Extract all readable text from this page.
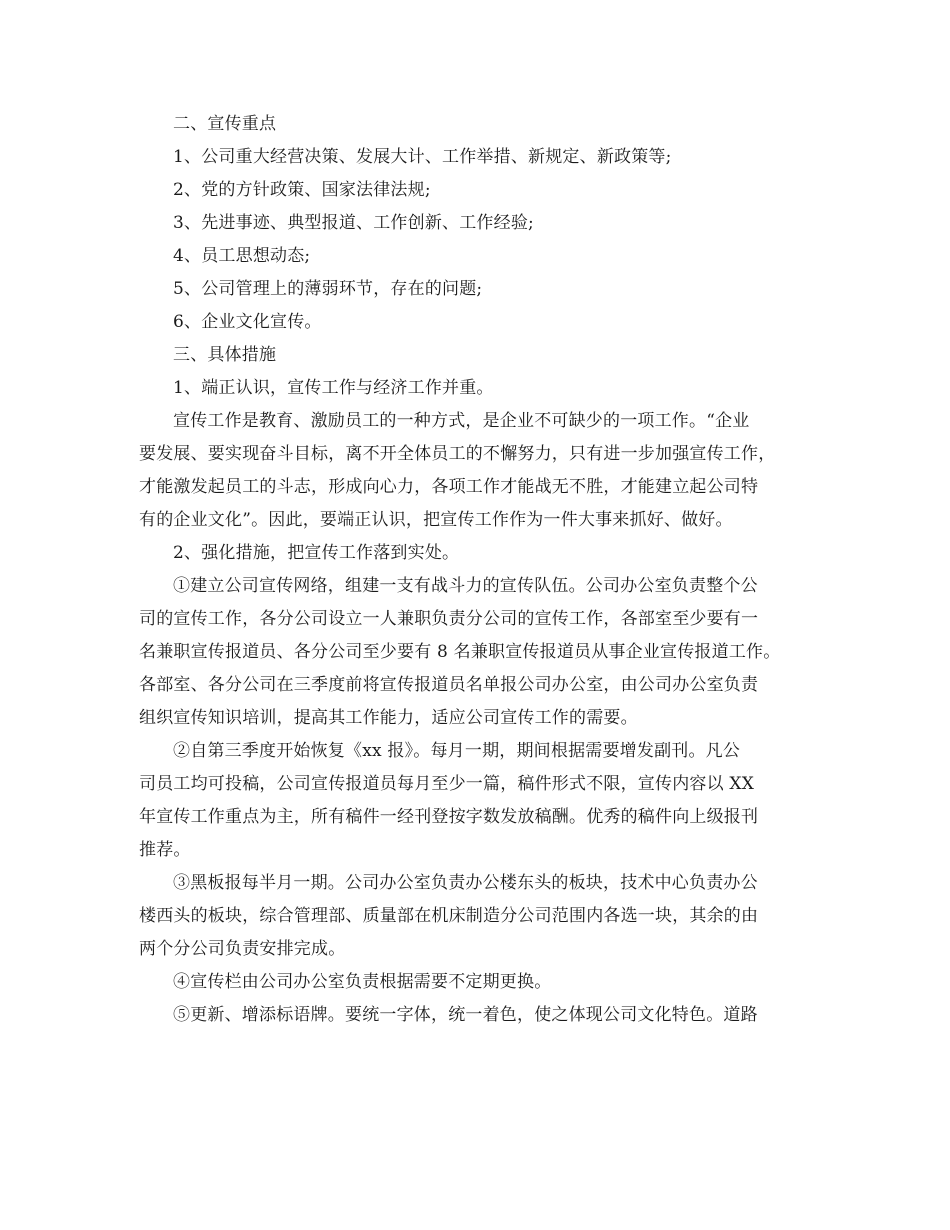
二、宣传重点

1、公司重大经营决策、发展大计、工作举措、新规定、新政策等;

2、党的方针政策、国家法律法规;

3、先进事迹、典型报道、工作创新、工作经验;

4、员工思想动态;

5、公司管理上的薄弱环节，存在的问题;

6、企业文化宣传。

三、具体措施

1、端正认识，宣传工作与经济工作并重。

宣传工作是教育、激励员工的一种方式，是企业不可缺少的一项工作。“企业

要发展、要实现奋斗目标，离不开全体员工的不懈努力，只有进一步加强宣传工作，

才能激发起员工的斗志，形成向心力，各项工作才能战无不胜，才能建立起公司特

有的企业文化”。因此，要端正认识，把宣传工作作为一件大事来抓好、做好。

2、强化措施，把宣传工作落到实处。

①建立公司宣传网络，组建一支有战斗力的宣传队伍。公司办公室负责整个公

司的宣传工作，各分公司设立一人兼职负责分公司的宣传工作，各部室至少要有一

名兼职宣传报道员、各分公司至少要有 8 名兼职宣传报道员从事企业宣传报道工作。

各部室、各分公司在三季度前将宣传报道员名单报公司办公室，由公司办公室负责

组织宣传知识培训，提高其工作能力，适应公司宣传工作的需要。

②自第三季度开始恢复《xx 报》。每月一期，期间根据需要增发副刊。凡公

司员工均可投稿，公司宣传报道员每月至少一篇，稿件形式不限，宣传内容以 XX

年宣传工作重点为主，所有稿件一经刊登按字数发放稿酬。优秀的稿件向上级报刊

推荐。

③黑板报每半月一期。公司办公室负责办公楼东头的板块，技术中心负责办公

楼西头的板块，综合管理部、质量部在机床制造分公司范围内各选一块，其余的由

两个分公司负责安排完成。

④宣传栏由公司办公室负责根据需要不定期更换。

⑤更新、增添标语牌。要统一字体，统一着色，使之体现公司文化特色。道路
